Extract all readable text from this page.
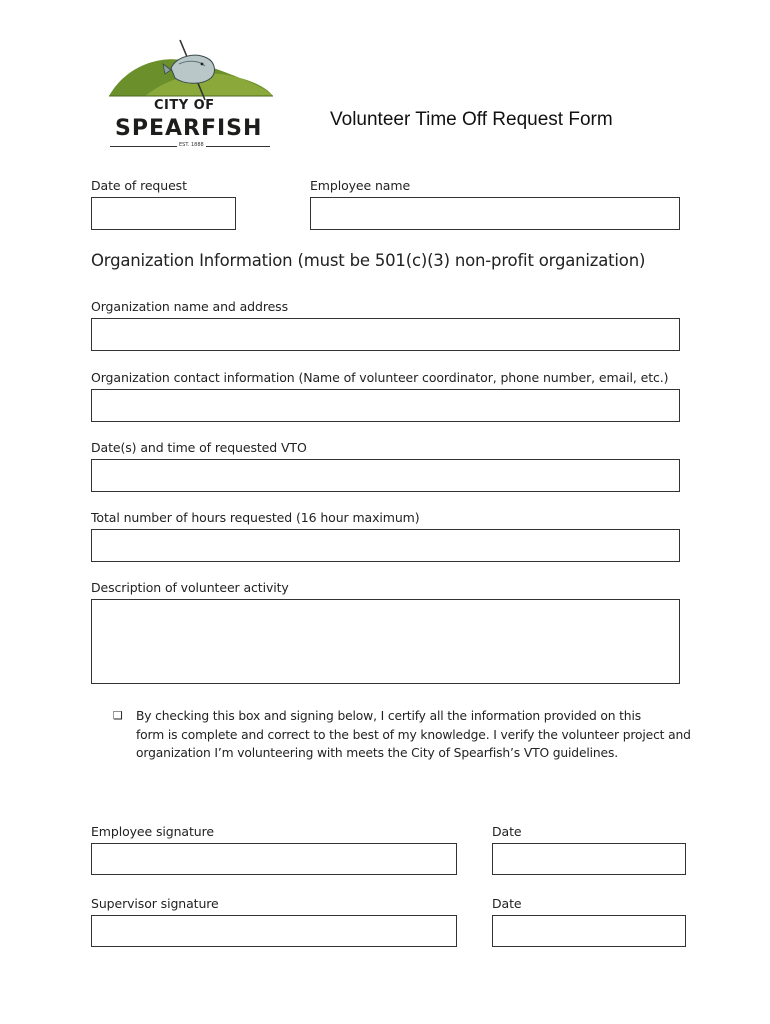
CITY OF
SPEARFISH
EST. 1888
Volunteer Time Off Request Form
Date of request	Employee name
Organization Information (must be 501(c)(3) non-profit organization)
Organization name and address
Organization contact information (Name of volunteer coordinator, phone number, email, etc.)
Date(s) and time of requested VTO
Total number of hours requested (16 hour maximum)
Description of volunteer activity
❑ By checking this box and signing below, I certify all the information provided on this
form is complete and correct to the best of my knowledge. I verify the volunteer project and
organization I’m volunteering with meets the City of Spearfish’s VTO guidelines.
Employee signature	Date
Supervisor signature	Date
